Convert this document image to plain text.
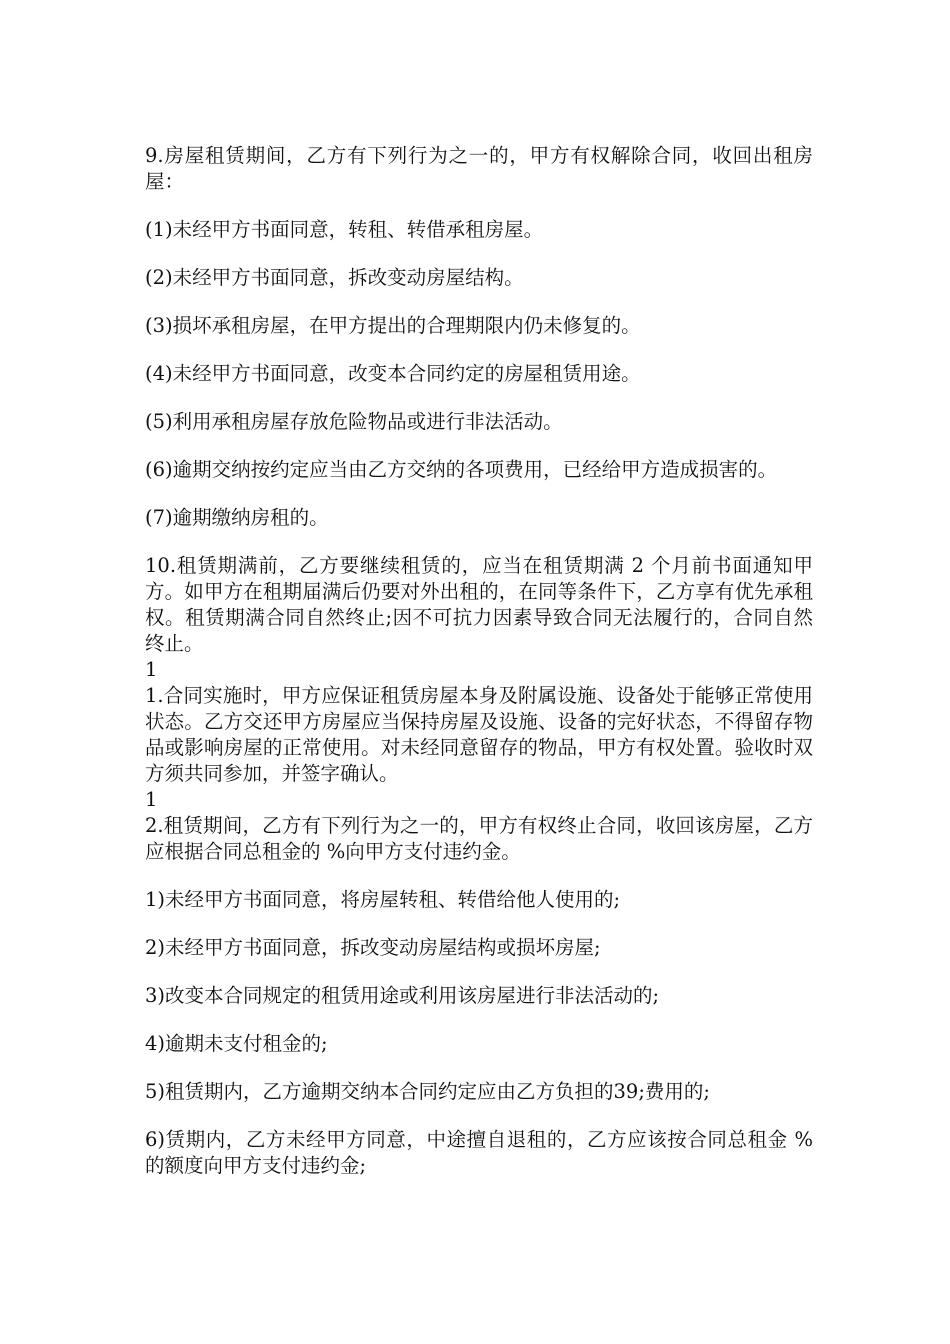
9.房屋租赁期间，乙方有下列行为之一的，甲方有权解除合同，收回出租房屋：

(1)未经甲方书面同意，转租、转借承租房屋。

(2)未经甲方书面同意，拆改变动房屋结构。

(3)损坏承租房屋，在甲方提出的合理期限内仍未修复的。

(4)未经甲方书面同意，改变本合同约定的房屋租赁用途。

(5)利用承租房屋存放危险物品或进行非法活动。

(6)逾期交纳按约定应当由乙方交纳的各项费用，已经给甲方造成损害的。

(7)逾期缴纳房租的。

10.租赁期满前，乙方要继续租赁的，应当在租赁期满 2 个月前书面通知甲方。如甲方在租期届满后仍要对外出租的，在同等条件下，乙方享有优先承租权。租赁期满合同自然终止;因不可抗力因素导致合同无法履行的，合同自然终止。

1

1.合同实施时，甲方应保证租赁房屋本身及附属设施、设备处于能够正常使用状态。乙方交还甲方房屋应当保持房屋及设施、设备的完好状态，不得留存物品或影响房屋的正常使用。对未经同意留存的物品，甲方有权处置。验收时双方须共同参加，并签字确认。

1

2.租赁期间，乙方有下列行为之一的，甲方有权终止合同，收回该房屋，乙方应根据合同总租金的 %向甲方支付违约金。

1)未经甲方书面同意，将房屋转租、转借给他人使用的;

2)未经甲方书面同意，拆改变动房屋结构或损坏房屋;

3)改变本合同规定的租赁用途或利用该房屋进行非法活动的;

4)逾期未支付租金的;

5)租赁期内，乙方逾期交纳本合同约定应由乙方负担的39;费用的;

6)赁期内，乙方未经甲方同意，中途擅自退租的，乙方应该按合同总租金 %的额度向甲方支付违约金;
